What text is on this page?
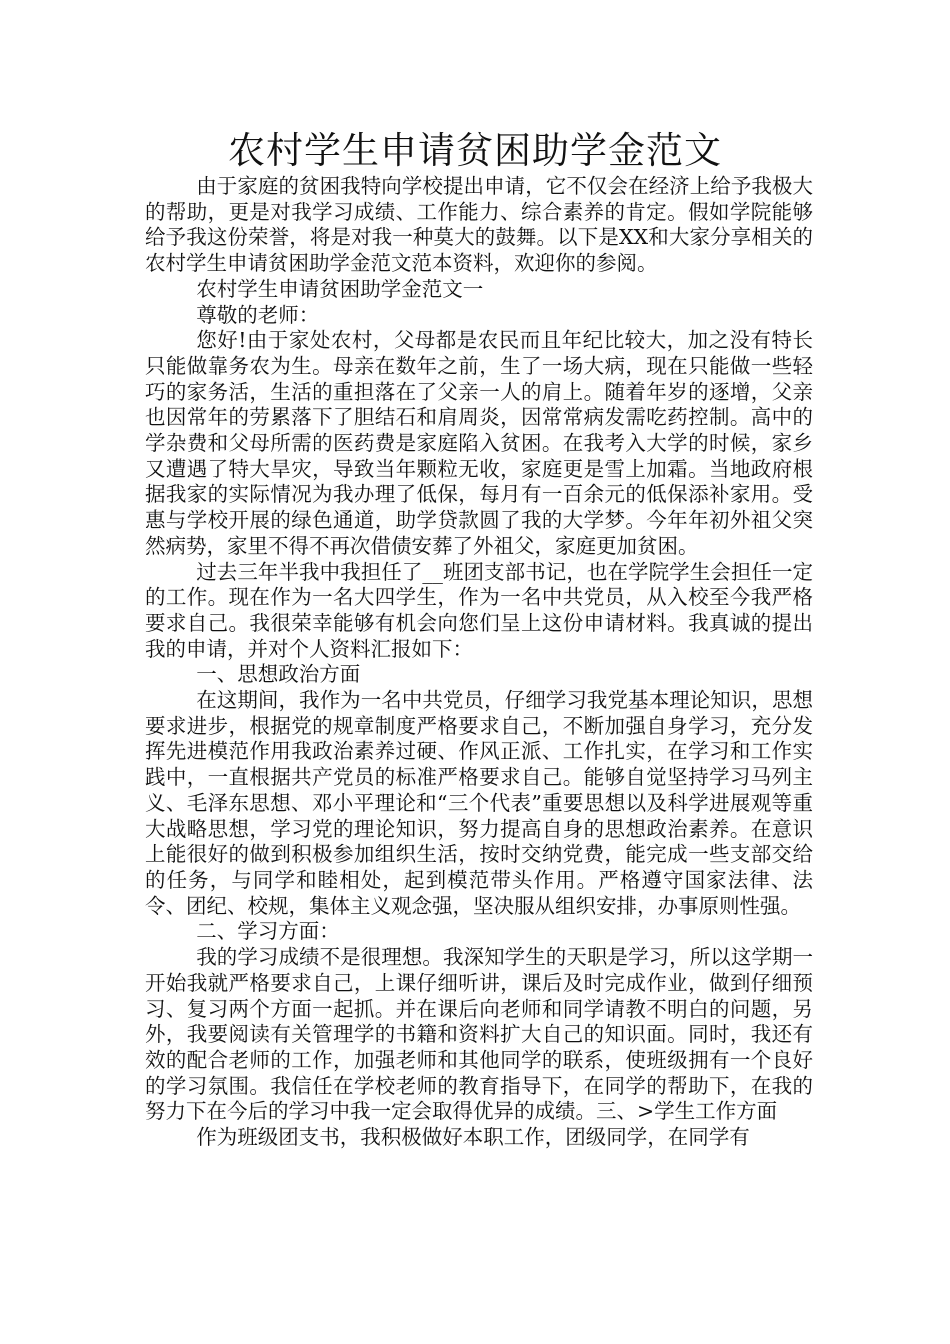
农村学生申请贫困助学金范文

由于家庭的贫困我特向学校提出申请，它不仅会在经济上给予我极大的帮助，更是对我学习成绩、工作能力、综合素养的肯定。假如学院能够给予我这份荣誉，将是对我一种莫大的鼓舞。以下是XX和大家分享相关的农村学生申请贫困助学金范文范本资料，欢迎你的参阅。

农村学生申请贫困助学金范文一

尊敬的老师：

您好!由于家处农村，父母都是农民而且年纪比较大，加之没有特长只能做靠务农为生。母亲在数年之前，生了一场大病，现在只能做一些轻巧的家务活，生活的重担落在了父亲一人的肩上。随着年岁的逐增，父亲也因常年的劳累落下了胆结石和肩周炎，因常常病发需吃药控制。高中的学杂费和父母所需的医药费是家庭陷入贫困。在我考入大学的时候，家乡又遭遇了特大旱灾，导致当年颗粒无收，家庭更是雪上加霜。当地政府根据我家的实际情况为我办理了低保，每月有一百余元的低保添补家用。受惠与学校开展的绿色通道，助学贷款圆了我的大学梦。今年年初外祖父突然病势，家里不得不再次借债安葬了外祖父，家庭更加贫困。

过去三年半我中我担任了__班团支部书记，也在学院学生会担任一定的工作。现在作为一名大四学生，作为一名中共党员，从入校至今我严格要求自己。我很荣幸能够有机会向您们呈上这份申请材料。我真诚的提出我的申请，并对个人资料汇报如下：

一、思想政治方面

在这期间，我作为一名中共党员，仔细学习我党基本理论知识，思想要求进步，根据党的规章制度严格要求自己，不断加强自身学习，充分发挥先进模范作用我政治素养过硬、作风正派、工作扎实，在学习和工作实践中，一直根据共产党员的标准严格要求自己。能够自觉坚持学习马列主义、毛泽东思想、邓小平理论和“三个代表”重要思想以及科学进展观等重大战略思想，学习党的理论知识，努力提高自身的思想政治素养。在意识上能很好的做到积极参加组织生活，按时交纳党费，能完成一些支部交给的任务，与同学和睦相处，起到模范带头作用。严格遵守国家法律、法令、团纪、校规，集体主义观念强，坚决服从组织安排，办事原则性强。

二、学习方面：

我的学习成绩不是很理想。我深知学生的天职是学习，所以这学期一开始我就严格要求自己，上课仔细听讲，课后及时完成作业，做到仔细预习、复习两个方面一起抓。并在课后向老师和同学请教不明白的问题，另外，我要阅读有关管理学的书籍和资料扩大自己的知识面。同时，我还有效的配合老师的工作，加强老师和其他同学的联系，使班级拥有一个良好的学习氛围。我信任在学校老师的教育指导下，在同学的帮助下，在我的努力下在今后的学习中我一定会取得优异的成绩。三、>学生工作方面

作为班级团支书，我积极做好本职工作，团级同学，在同学有
